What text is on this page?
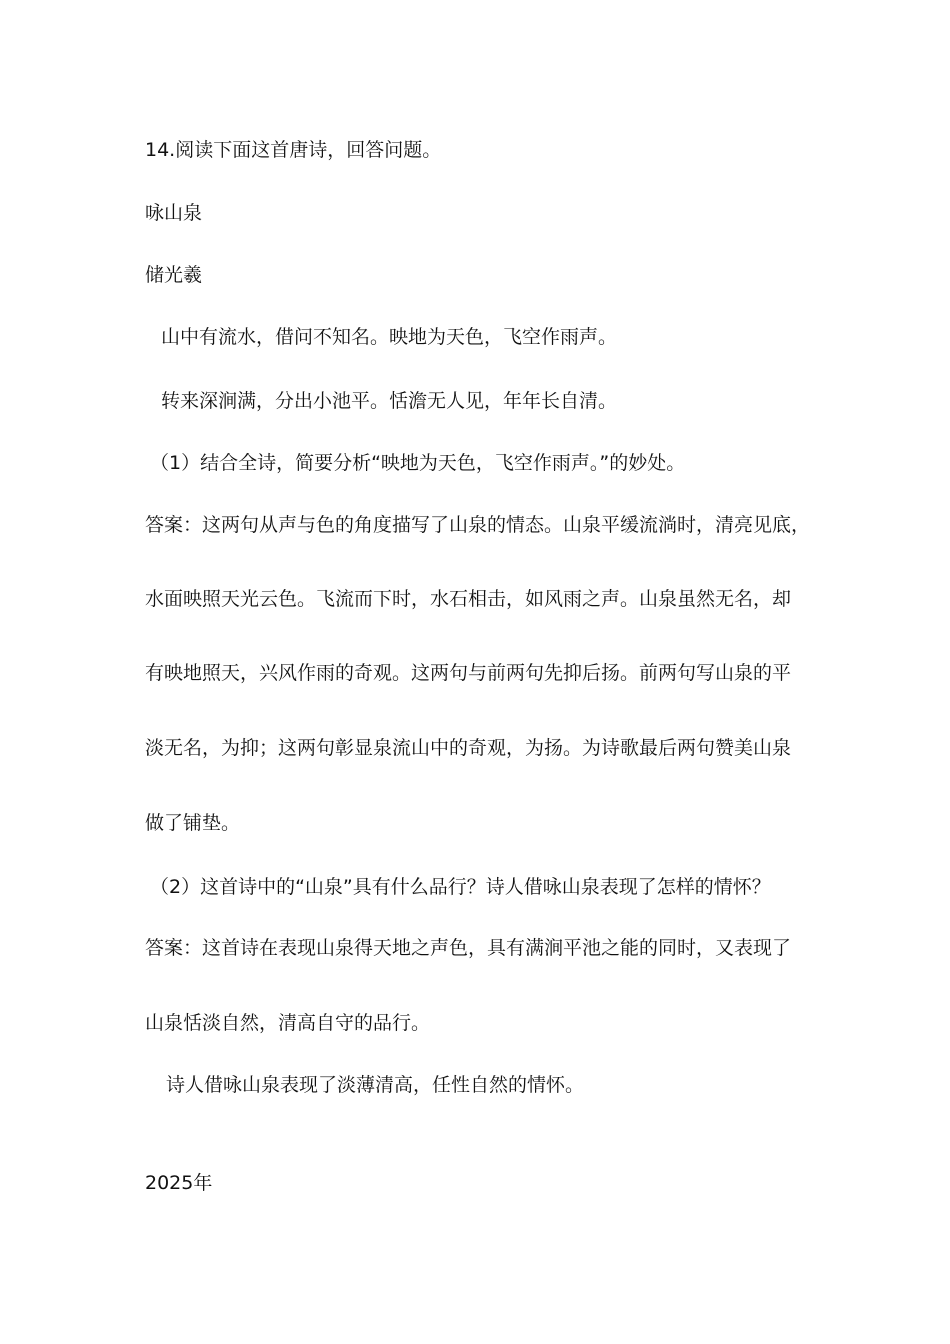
14.阅读下面这首唐诗，回答问题。
咏山泉
储光羲
山中有流水，借问不知名。映地为天色，飞空作雨声。
转来深涧满，分出小池平。恬澹无人见，年年长自清。
（1）结合全诗，简要分析“映地为天色，飞空作雨声。”的妙处。
答案：这两句从声与色的角度描写了山泉的情态。山泉平缓流淌时，清亮见底，
水面映照天光云色。飞流而下时，水石相击，如风雨之声。山泉虽然无名，却
有映地照天，兴风作雨的奇观。这两句与前两句先抑后扬。前两句写山泉的平
淡无名，为抑；这两句彰显泉流山中的奇观，为扬。为诗歌最后两句赞美山泉
做了铺垫。
（2）这首诗中的“山泉”具有什么品行？诗人借咏山泉表现了怎样的情怀？
答案：这首诗在表现山泉得天地之声色，具有满涧平池之能的同时，又表现了
山泉恬淡自然，清高自守的品行。
诗人借咏山泉表现了淡薄清高，任性自然的情怀。
2025年
